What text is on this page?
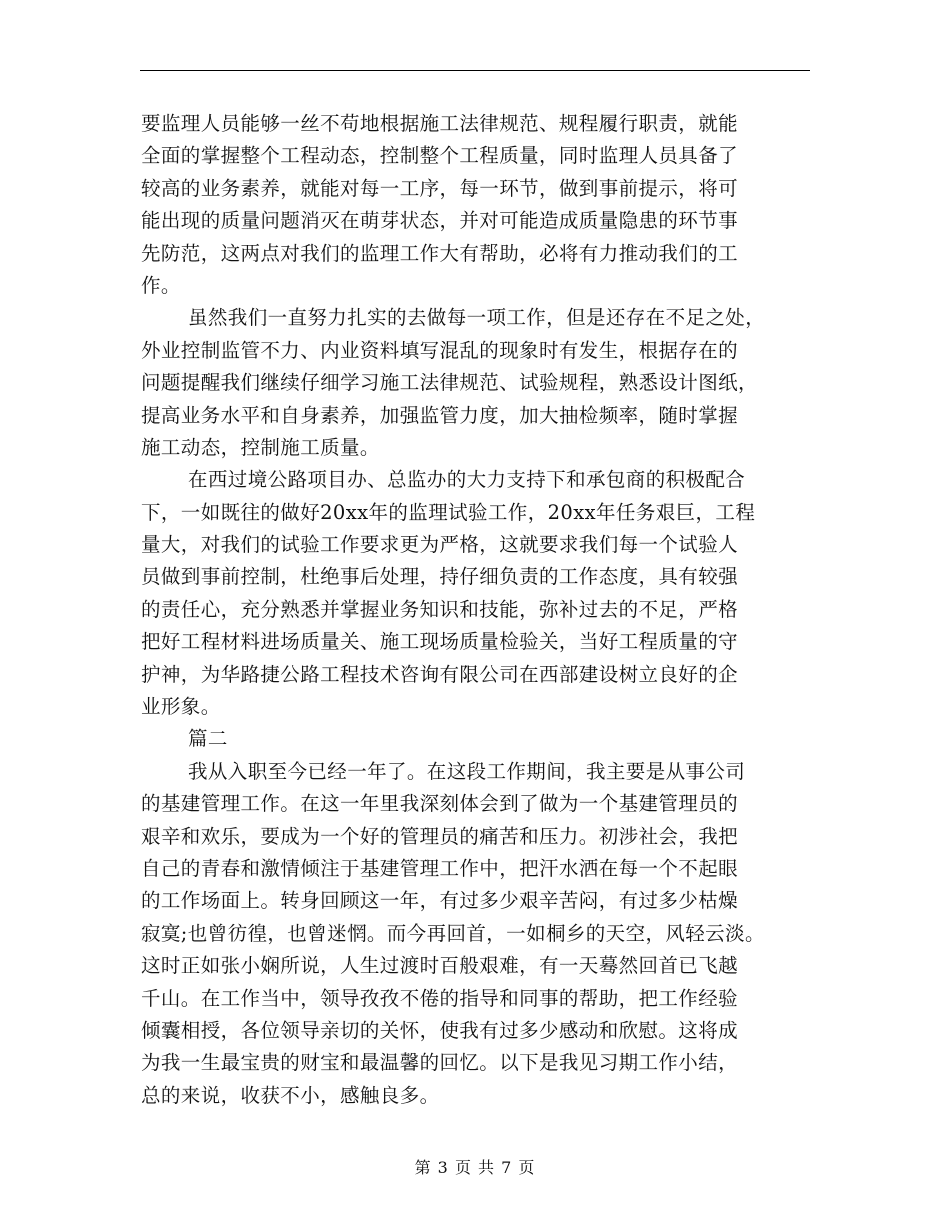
要监理人员能够一丝不苟地根据施工法律规范、规程履行职责，就能
全面的掌握整个工程动态，控制整个工程质量，同时监理人员具备了
较高的业务素养，就能对每一工序，每一环节，做到事前提示，将可
能出现的质量问题消灭在萌芽状态，并对可能造成质量隐患的环节事
先防范，这两点对我们的监理工作大有帮助，必将有力推动我们的工
作。
虽然我们一直努力扎实的去做每一项工作，但是还存在不足之处，
外业控制监管不力、内业资料填写混乱的现象时有发生，根据存在的
问题提醒我们继续仔细学习施工法律规范、试验规程，熟悉设计图纸，
提高业务水平和自身素养，加强监管力度，加大抽检频率，随时掌握
施工动态，控制施工质量。
在西过境公路项目办、总监办的大力支持下和承包商的积极配合
下，一如既往的做好20xx年的监理试验工作，20xx年任务艰巨，工程
量大，对我们的试验工作要求更为严格，这就要求我们每一个试验人
员做到事前控制，杜绝事后处理，持仔细负责的工作态度，具有较强
的责任心，充分熟悉并掌握业务知识和技能，弥补过去的不足，严格
把好工程材料进场质量关、施工现场质量检验关，当好工程质量的守
护神，为华路捷公路工程技术咨询有限公司在西部建设树立良好的企
业形象。
篇二
我从入职至今已经一年了。在这段工作期间，我主要是从事公司
的基建管理工作。在这一年里我深刻体会到了做为一个基建管理员的
艰辛和欢乐，要成为一个好的管理员的痛苦和压力。初涉社会，我把
自己的青春和激情倾注于基建管理工作中，把汗水洒在每一个不起眼
的工作场面上。转身回顾这一年，有过多少艰辛苦闷，有过多少枯燥
寂寞;也曾彷徨，也曾迷惘。而今再回首，一如桐乡的天空，风轻云淡。
这时正如张小娴所说，人生过渡时百般艰难，有一天蓦然回首已飞越
千山。在工作当中，领导孜孜不倦的指导和同事的帮助，把工作经验
倾囊相授，各位领导亲切的关怀，使我有过多少感动和欣慰。这将成
为我一生最宝贵的财宝和最温馨的回忆。以下是我见习期工作小结，
总的来说，收获不小，感触良多。
第 3 页 共 7 页
